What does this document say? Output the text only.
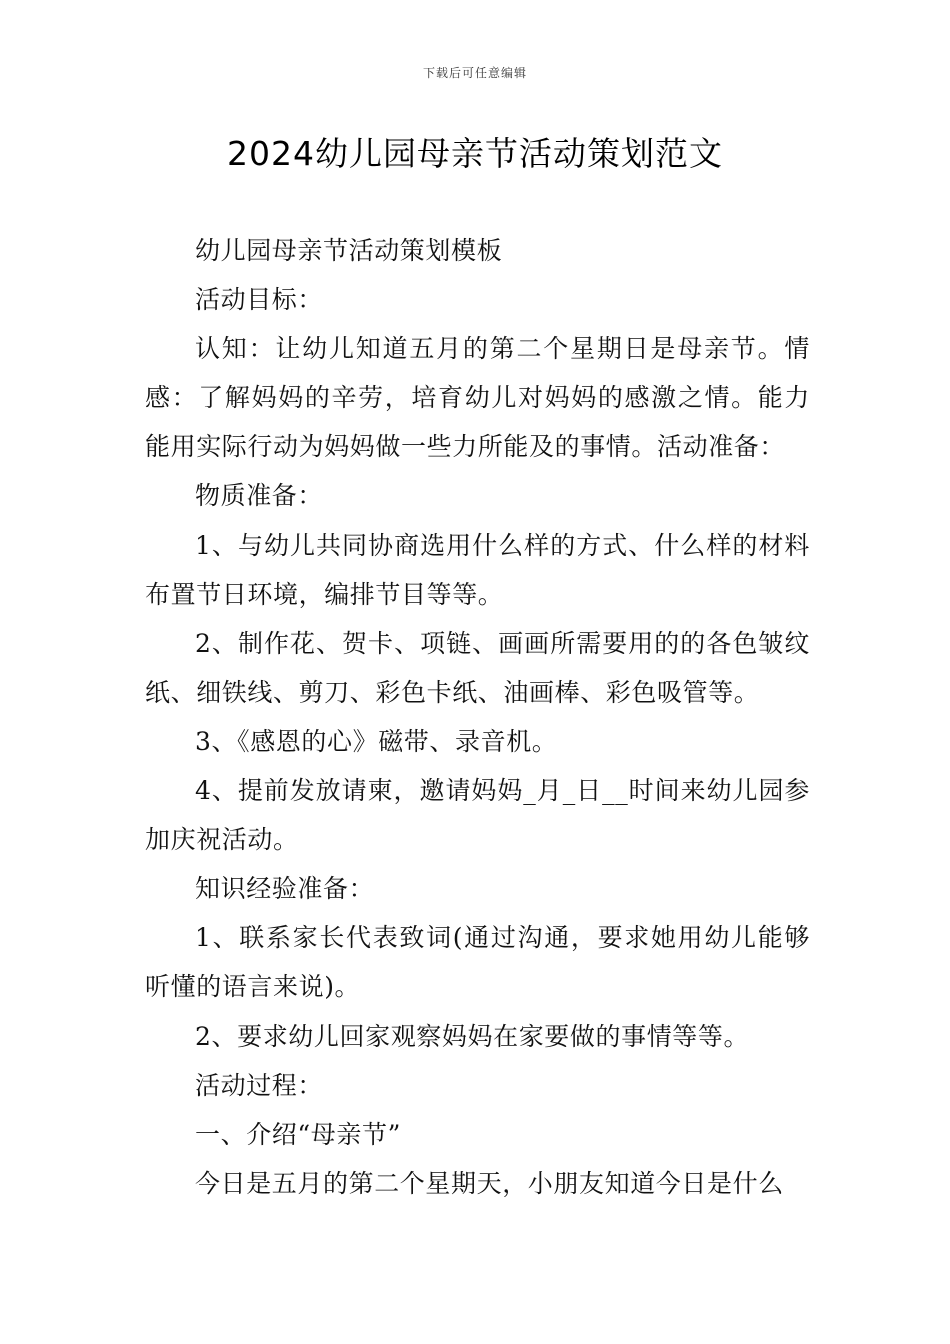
下载后可任意编辑
2024幼儿园母亲节活动策划范文

幼儿园母亲节活动策划模板

活动目标：

认知：让幼儿知道五月的第二个星期日是母亲节。情感：了解妈妈的辛劳，培育幼儿对妈妈的感激之情。能力能用实际行动为妈妈做一些力所能及的事情。活动准备：

物质准备：

1、与幼儿共同协商选用什么样的方式、什么样的材料布置节日环境，编排节目等等。

2、制作花、贺卡、项链、画画所需要用的的各色皱纹纸、细铁线、剪刀、彩色卡纸、油画棒、彩色吸管等。

3、《感恩的心》磁带、录音机。

4、提前发放请柬，邀请妈妈_月_日__时间来幼儿园参加庆祝活动。

知识经验准备：

1、联系家长代表致词(通过沟通，要求她用幼儿能够听懂的语言来说)。

2、要求幼儿回家观察妈妈在家要做的事情等等。

活动过程：

一、介绍“母亲节”

今日是五月的第二个星期天，小朋友知道今日是什么
